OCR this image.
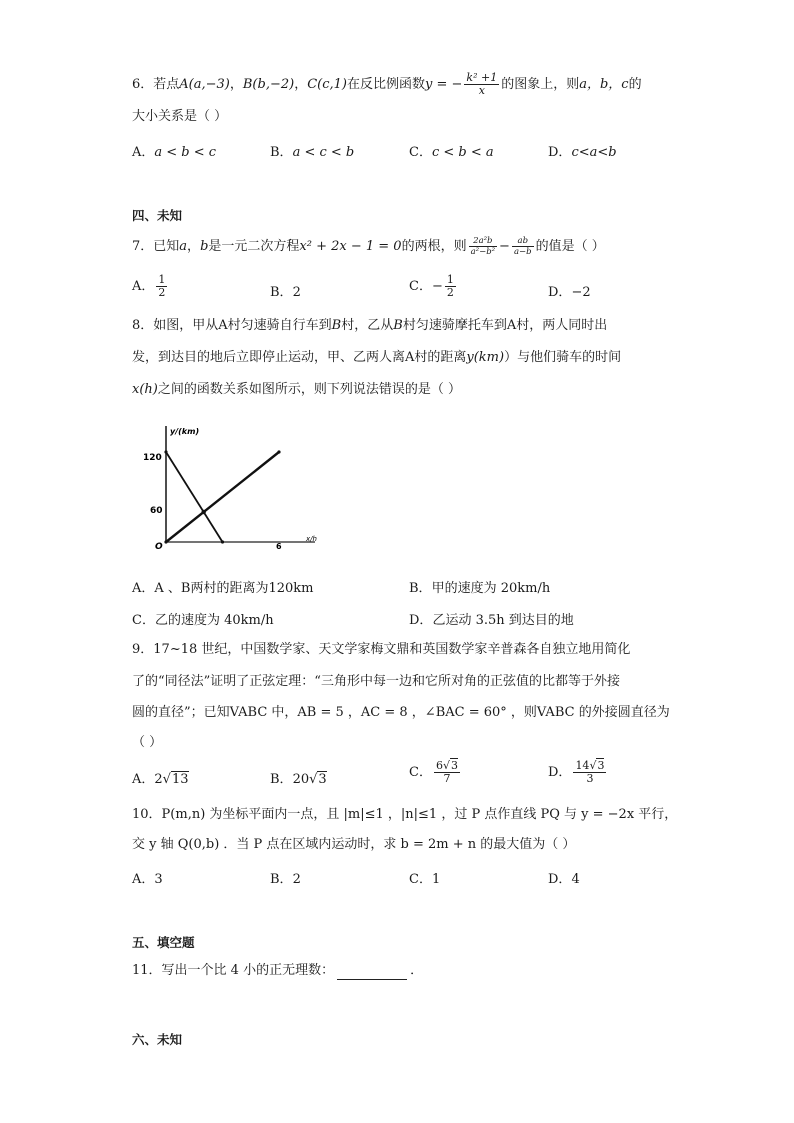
6．若点A(a,−3)，B(b,−2)，C(c,1)在反比例函数y = − $\frac{\text{k² +1}}{x}$ 的图象上，则a，b，c的
大小关系是（ ）
A．a < b < c	B．a < c < b	C．c < b < a	D．c<a<b
四、未知
7．已知a，b是一元二次方程x² + 2x − 1 = 0的两根，则 $\frac{\text{2a²b}}{\text{a²−b²}} - \frac{ab}{a-b}$ 的值是（ ）
A． $\frac{1}{2}$	B．2	C．− $\frac{1}{2}$	D．−2
8．如图，甲从A村匀速骑自行车到B村，乙从B村匀速骑摩托车到A村，两人同时出
发，到达目的地后立即停止运动，甲、乙两人离A村的距离y(km)）与他们骑车的时间
x(h)之间的函数关系如图所示，则下列说法错误的是（ ）
y/(km)
x/h
120
60
O	6
A．A 、B两村的距离为120km	B．甲的速度为 20km/h
C．乙的速度为 40km/h	D．乙运动 3.5h 到达目的地
9．17~18 世纪，中国数学家、天文学家梅文鼎和英国数学家辛普森各自独立地用简化
了的“同径法”证明了正弦定理：“三角形中每一边和它所对角的正弦值的比都等于外接
圆的直径”；已知VABC 中，AB = 5 ，AC = 8 ，∠BAC = 60° ，则VABC 的外接圆直径为
（ ）
A．2√13	B．20√3	C． $\frac{6√3}{7}$	D． $\frac{14√3}{3}$
10．P(m,n) 为坐标平面内一点，且 |m|≤1 ，|n|≤1 ，过 P 点作直线 PQ 与 y = −2x 平行，
交 y 轴 Q(0,b) ．当 P 点在区域内运动时，求 b = 2m + n 的最大值为（ ）
A．3	B．2	C．1	D．4
五、填空题
11．写出一个比 4 小的正无理数：	．
六、未知
